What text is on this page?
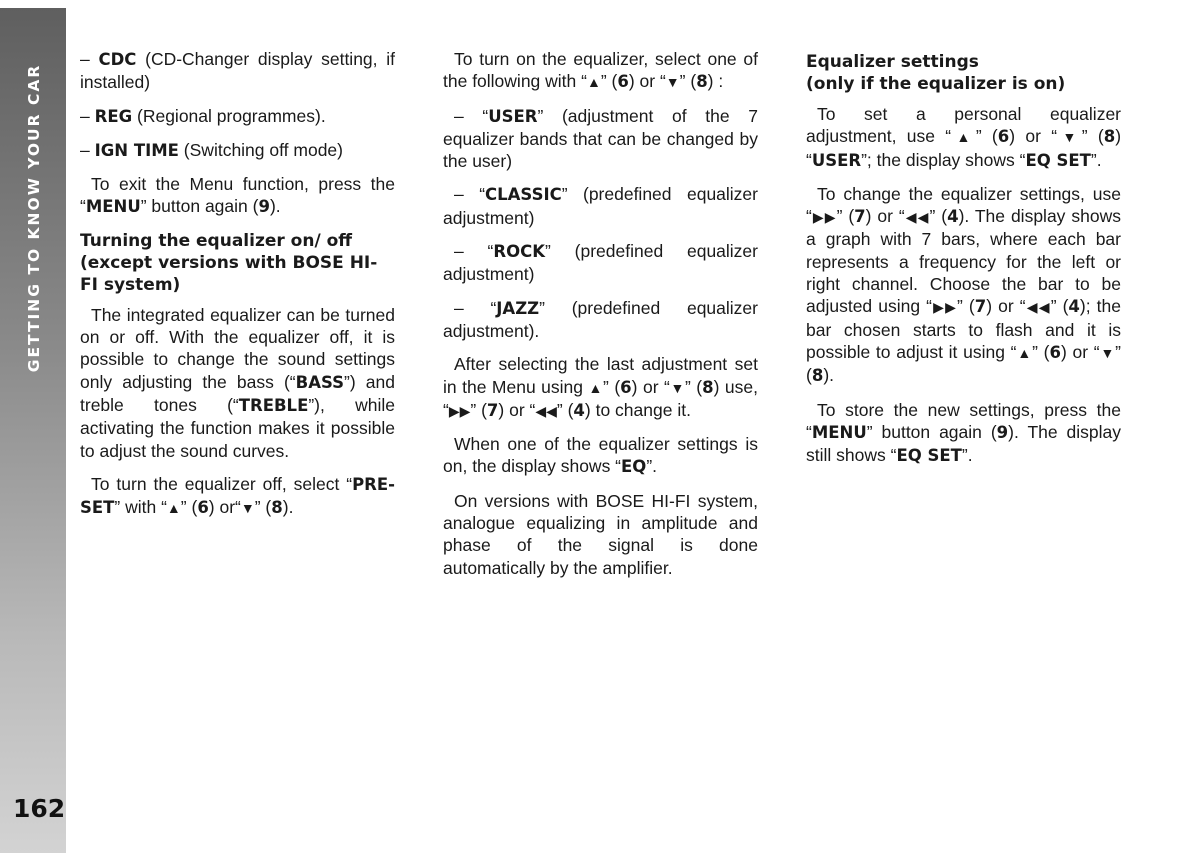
GETTING TO KNOW YOUR CAR
162

– CDC (CD-Changer display setting, if installed)

– REG (Regional programmes).

– IGN TIME (Switching off mode)

To exit the Menu function, press the “MENU” button again (9).

Turning the equalizer on/ off (except versions with BOSE HI-FI system)

The integrated equalizer can be turned on or off. With the equalizer off, it is possible to change the sound settings only adjusting the bass (“BASS”) and treble tones (“TREBLE”), while activating the function makes it possible to adjust the sound curves.

To turn the equalizer off, select “PRE-SET” with “▲” (6) or“▼” (8).

To turn on the equalizer, select one of the following with “▲” (6) or “▼” (8) :

– “USER” (adjustment of the 7 equalizer bands that can be changed by the user)

– “CLASSIC” (predefined equalizer adjustment)

– “ROCK” (predefined equalizer adjustment)

– “JAZZ” (predefined equalizer adjustment).

After selecting the last adjustment set in the Menu using ▲” (6) or “▼” (8) use, “▶▶” (7) or “◀◀” (4) to change it.

When one of the equalizer settings is on, the display shows “EQ”.

On versions with BOSE HI-FI system, analogue equalizing in amplitude and phase of the signal is done automatically by the amplifier.

Equalizer settings
(only if the equalizer is on)

To set a personal equalizer adjustment, use “▲” (6) or “▼” (8) “USER”; the display shows “EQ SET”.

To change the equalizer settings, use “▶▶” (7) or “◀◀” (4). The display shows a graph with 7 bars, where each bar represents a frequency for the left or right channel. Choose the bar to be adjusted using “▶▶” (7) or “◀◀” (4); the bar chosen starts to flash and it is possible to adjust it using “▲” (6) or “▼” (8).

To store the new settings, press the “MENU” button again (9). The display still shows “EQ SET”.
